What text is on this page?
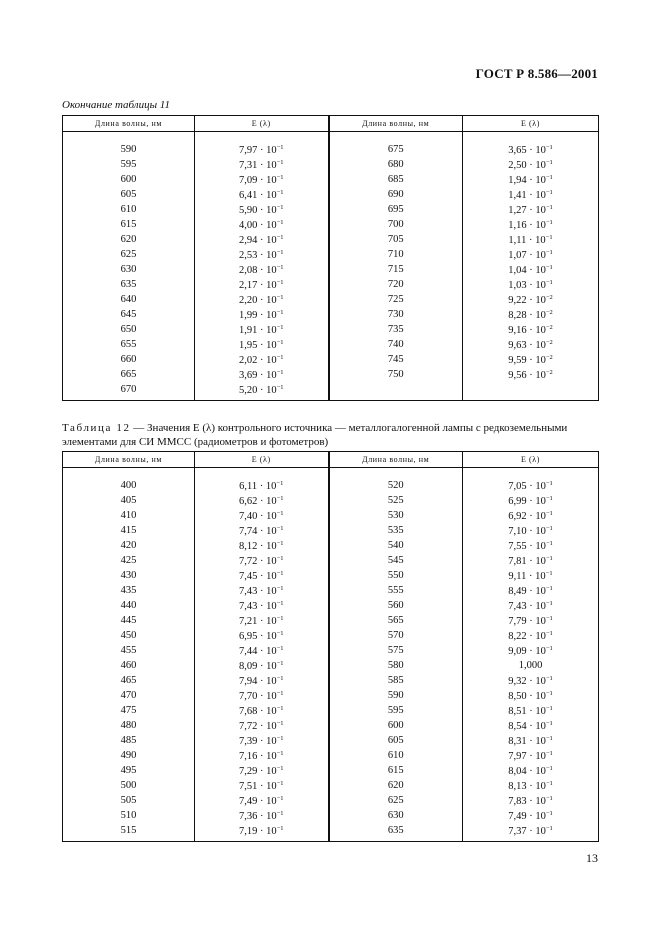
ГОСТ Р 8.586—2001
Окончание таблицы 11
Длина волны, нм	E (λ)	Длина волны, нм	E (λ)
590	$7,97 \cdot 10^{-1}$	675	$3,65 \cdot 10^{-1}$
595	$7,31 \cdot 10^{-1}$	680	$2,50 \cdot 10^{-1}$
600	$7,09 \cdot 10^{-1}$	685	$1,94 \cdot 10^{-1}$
605	$6,41 \cdot 10^{-1}$	690	$1,41 \cdot 10^{-1}$
610	$5,90 \cdot 10^{-1}$	695	$1,27 \cdot 10^{-1}$
615	$4,00 \cdot 10^{-1}$	700	$1,16 \cdot 10^{-1}$
620	$2,94 \cdot 10^{-1}$	705	$1,11 \cdot 10^{-1}$
625	$2,53 \cdot 10^{-1}$	710	$1,07 \cdot 10^{-1}$
630	$2,08 \cdot 10^{-1}$	715	$1,04 \cdot 10^{-1}$
635	$2,17 \cdot 10^{-1}$	720	$1,03 \cdot 10^{-1}$
640	$2,20 \cdot 10^{-1}$	725	$9,22 \cdot 10^{-2}$
645	$1,99 \cdot 10^{-1}$	730	$8,28 \cdot 10^{-2}$
650	$1,91 \cdot 10^{-1}$	735	$9,16 \cdot 10^{-2}$
655	$1,95 \cdot 10^{-1}$	740	$9,63 \cdot 10^{-2}$
660	$2,02 \cdot 10^{-1}$	745	$9,59 \cdot 10^{-2}$
665	$3,69 \cdot 10^{-1}$	750	$9,56 \cdot 10^{-2}$
670	$5,20 \cdot 10^{-1}$		
Таблица 12 — Значения E (λ) контрольного источника — металлогалогенной лампы с редкоземельными элементами для СИ ММСС (радиометров и фотометров)
Длина волны, нм	E (λ)	Длина волны, нм	E (λ)
400	$6,11 \cdot 10^{-1}$	520	$7,05 \cdot 10^{-1}$
405	$6,62 \cdot 10^{-1}$	525	$6,99 \cdot 10^{-1}$
410	$7,40 \cdot 10^{-1}$	530	$6,92 \cdot 10^{-1}$
415	$7,74 \cdot 10^{-1}$	535	$7,10 \cdot 10^{-1}$
420	$8,12 \cdot 10^{-1}$	540	$7,55 \cdot 10^{-1}$
425	$7,72 \cdot 10^{-1}$	545	$7,81 \cdot 10^{-1}$
430	$7,45 \cdot 10^{-1}$	550	$9,11 \cdot 10^{-1}$
435	$7,43 \cdot 10^{-1}$	555	$8,49 \cdot 10^{-1}$
440	$7,43 \cdot 10^{-1}$	560	$7,43 \cdot 10^{-1}$
445	$7,21 \cdot 10^{-1}$	565	$7,79 \cdot 10^{-1}$
450	$6,95 \cdot 10^{-1}$	570	$8,22 \cdot 10^{-1}$
455	$7,44 \cdot 10^{-1}$	575	$9,09 \cdot 10^{-1}$
460	$8,09 \cdot 10^{-1}$	580	1,000
465	$7,94 \cdot 10^{-1}$	585	$9,32 \cdot 10^{-1}$
470	$7,70 \cdot 10^{-1}$	590	$8,50 \cdot 10^{-1}$
475	$7,68 \cdot 10^{-1}$	595	$8,51 \cdot 10^{-1}$
480	$7,72 \cdot 10^{-1}$	600	$8,54 \cdot 10^{-1}$
485	$7,39 \cdot 10^{-1}$	605	$8,31 \cdot 10^{-1}$
490	$7,16 \cdot 10^{-1}$	610	$7,97 \cdot 10^{-1}$
495	$7,29 \cdot 10^{-1}$	615	$8,04 \cdot 10^{-1}$
500	$7,51 \cdot 10^{-1}$	620	$8,13 \cdot 10^{-1}$
505	$7,49 \cdot 10^{-1}$	625	$7,83 \cdot 10^{-1}$
510	$7,36 \cdot 10^{-1}$	630	$7,49 \cdot 10^{-1}$
515	$7,19 \cdot 10^{-1}$	635	$7,37 \cdot 10^{-1}$
13
